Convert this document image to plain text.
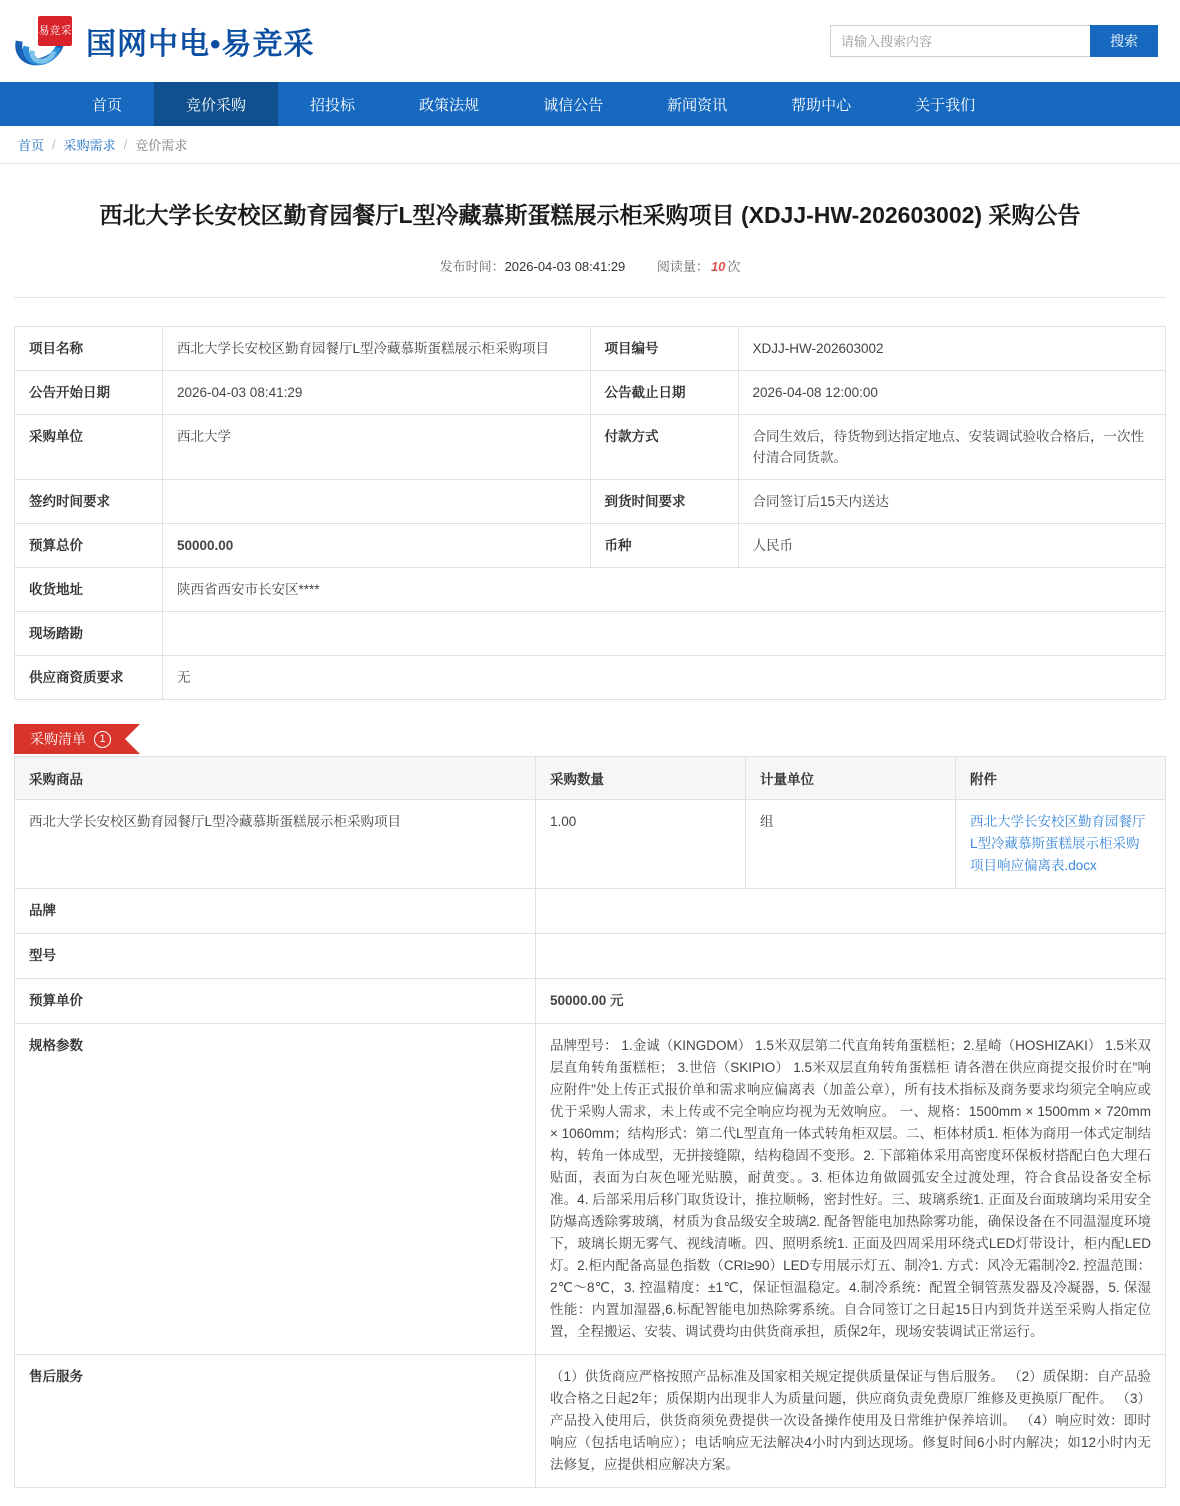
易竞采 国网中电•易竞采
请输入搜索内容	搜索
首页	竞价采购	招投标	政策法规	诚信公告	新闻资讯	帮助中心	关于我们
首页 / 采购需求 / 竞价需求
西北大学长安校区勤育园餐厅L型冷藏慕斯蛋糕展示柜采购项目 (XDJJ-HW-202603002) 采购公告
发布时间：2026-04-03 08:41:29 阅读量： 10 次
项目名称	西北大学长安校区勤育园餐厅L型冷藏慕斯蛋糕展示柜采购项目	项目编号	XDJJ-HW-202603002
公告开始日期	2026-04-03 08:41:29	公告截止日期	2026-04-08 12:00:00
采购单位	西北大学	付款方式	合同生效后，待货物到达指定地点、安装调试验收合格后，一次性付清合同货款。
签约时间要求		到货时间要求	合同签订后15天内送达
预算总价	50000.00	币种	人民币
收货地址	陕西省西安市长安区****		
现场踏勘			
供应商资质要求	无		
采购清单	1
采购商品	采购数量	计量单位	附件
西北大学长安校区勤育园餐厅L型冷藏慕斯蛋糕展示柜采购项目	1.00	组	西北大学长安校区勤育园餐厅L型冷藏慕斯蛋糕展示柜采购项目响应偏离表.docx
品牌			
型号			
预算单价	50000.00 元		
规格参数	品牌型号： 1.金诚（KINGDOM） 1.5米双层第二代直角转角蛋糕柜；2.星崎（HOSHIZAKI） 1.5米双层直角转角蛋糕柜； 3.世倍（SKIPIO） 1.5米双层直角转角蛋糕柜 请各潜在供应商提交报价时在"响应附件"处上传正式报价单和需求响应偏离表（加盖公章），所有技术指标及商务要求均须完全响应或优于采购人需求，未上传或不完全响应均视为无效响应。 一、规格：1500mm × 1500mm × 720mm × 1060mm；结构形式：第二代L型直角一体式转角柜双层。二、柜体材质1. 柜体为商用一体式定制结构，转角一体成型，无拼接缝隙，结构稳固不变形。2. 下部箱体采用高密度环保板材搭配白色大理石贴面，表面为白灰色哑光贴膜，耐黄变。。3. 柜体边角做圆弧安全过渡处理，符合食品设备安全标准。4. 后部采用后移门取货设计，推拉顺畅，密封性好。三、玻璃系统1. 正面及台面玻璃均采用安全防爆高透除雾玻璃，材质为食品级安全玻璃2. 配备智能电加热除雾功能，确保设备在不同温湿度环境下，玻璃长期无雾气、视线清晰。四、照明系统1. 正面及四周采用环绕式LED灯带设计，柜内配LED灯。2.柜内配备高显色指数（CRI≥90）LED专用展示灯五、制冷1. 方式：风冷无霜制冷2. 控温范围：2℃～8℃，3. 控温精度：±1℃，保证恒温稳定。4.制冷系统：配置全铜管蒸发器及冷凝器，5. 保湿性能：内置加湿器,6.标配智能电加热除雾系统。自合同签订之日起15日内到货并送至采购人指定位置，全程搬运、安装、调试费均由供货商承担，质保2年，现场安装调试正常运行。		
售后服务	（1）供货商应严格按照产品标准及国家相关规定提供质量保证与售后服务。 （2）质保期：自产品验收合格之日起2年；质保期内出现非人为质量问题，供应商负责免费原厂维修及更换原厂配件。 （3）产品投入使用后，供货商须免费提供一次设备操作使用及日常维护保养培训。 （4）响应时效：即时响应（包括电话响应）；电话响应无法解决4小时内到达现场。修复时间6小时内解决；如12小时内无法修复，应提供相应解决方案。		
